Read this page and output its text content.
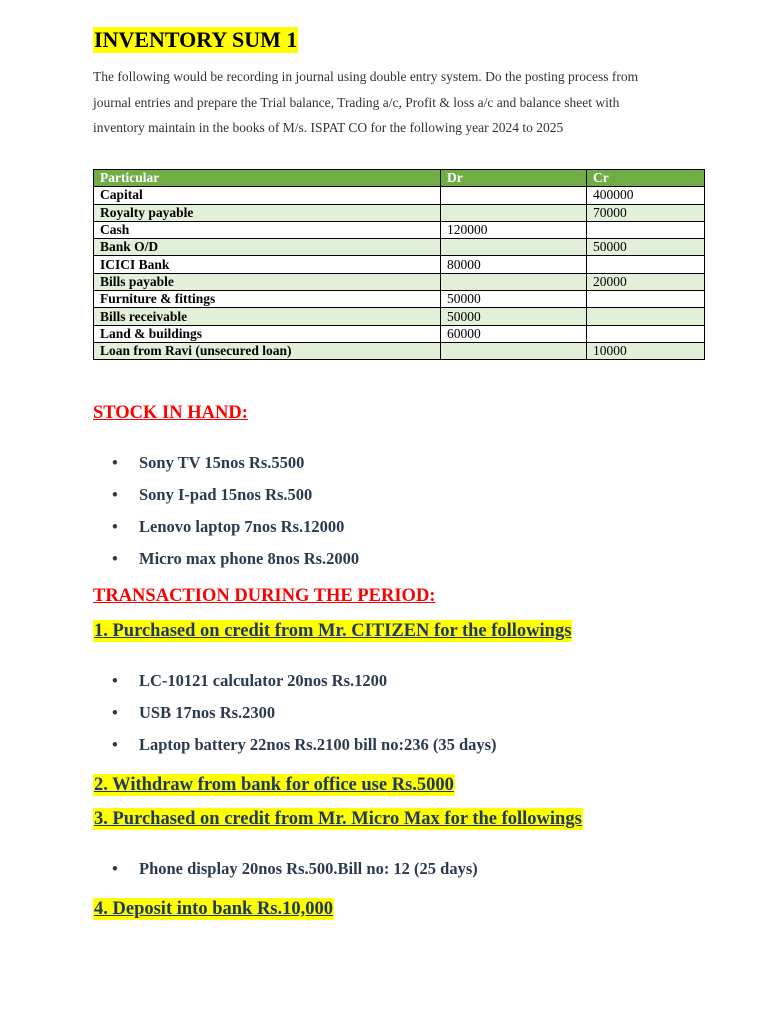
INVENTORY SUM 1
The following would be recording in journal using double entry system. Do the posting process from journal entries and prepare the Trial balance, Trading a/c, Profit & loss a/c and balance sheet with inventory maintain in the books of M/s. ISPAT CO for the following year 2024 to 2025
Particular	Dr	Cr
Capital		400000
Royalty payable		70000
Cash	120000	
Bank O/D		50000
ICICI Bank	80000	
Bills payable		20000
Furniture & fittings	50000	
Bills receivable	50000	
Land & buildings	60000	
Loan from Ravi (unsecured loan)		10000
STOCK IN HAND:
• Sony TV 15nos Rs.5500
• Sony I-pad 15nos Rs.500
• Lenovo laptop 7nos Rs.12000
• Micro max phone 8nos Rs.2000
TRANSACTION DURING THE PERIOD:
1. Purchased on credit from Mr. CITIZEN for the followings
• LC-10121 calculator 20nos Rs.1200
• USB 17nos Rs.2300
• Laptop battery 22nos Rs.2100 bill no:236 (35 days)
2. Withdraw from bank for office use Rs.5000
3. Purchased on credit from Mr. Micro Max for the followings
• Phone display 20nos Rs.500.Bill no: 12 (25 days)
4. Deposit into bank Rs.10,000
